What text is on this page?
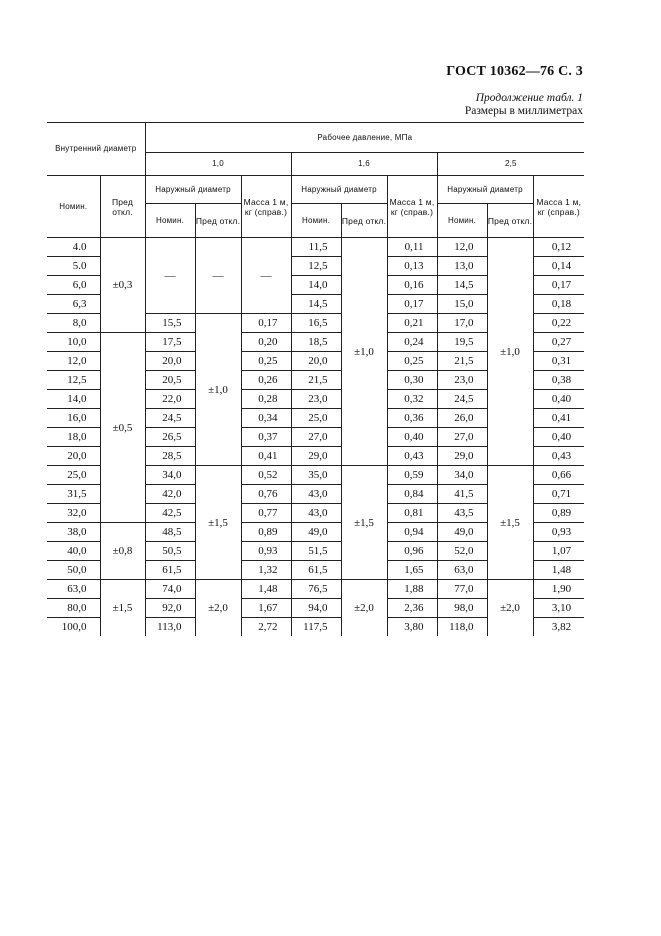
ГОСТ 10362—76 С. 3
Продолжение табл. 1
Размеры в миллиметрах
Внутренний диаметр		Рабочее давление, МПа								
		1,0			1,6			2,5		
Номин.	Пред откл.	Наружный диаметр		Масса 1 м, кг (справ.)	Наружный диаметр		Масса 1 м, кг (справ.)	Наружный диаметр		Масса 1 м, кг (справ.)
		Номин.	Пред откл.		Номин.	Пред откл.		Номин.	Пред откл.	
4.0	±0,3	—	—	—	11,5	±1,0	0,11	12,0	±1,0	0,12
5.0					12,5		0,13	13,0		0,14
6,0					14,0		0,16	14,5		0,17
6,3					14,5		0,17	15,0		0,18
8,0		15,5	±1,0	0,17	16,5		0,21	17,0		0,22
10,0	±0,5	17,5		0,20	18,5		0,24	19,5		0,27
12,0		20,0		0,25	20,0		0,25	21,5		0,31
12,5		20,5		0,26	21,5		0,30	23,0		0,38
14,0		22,0		0,28	23,0		0,32	24,5		0,40
16,0		24,5		0,34	25,0		0,36	26,0		0,41
18,0		26,5		0,37	27,0		0,40	27,0		0,40
20,0		28,5		0,41	29,0		0,43	29,0		0,43
25,0		34,0	±1,5	0,52	35,0	±1,5	0,59	34,0	±1,5	0,66
31,5		42,0		0,76	43,0		0,84	41,5		0,71
32,0		42,5		0,77	43,0		0,81	43,5		0,89
38,0	±0,8	48,5		0,89	49,0		0,94	49,0		0,93
40,0		50,5		0,93	51,5		0,96	52,0		1,07
50,0		61,5		1,32	61,5		1,65	63,0		1,48
63,0	±1,5	74,0	±2,0	1,48	76,5	±2,0	1,88	77,0	±2,0	1,90
80,0		92,0		1,67	94,0		2,36	98,0		3,10
100,0		113,0		2,72	117,5		3,80	118,0		3,82
